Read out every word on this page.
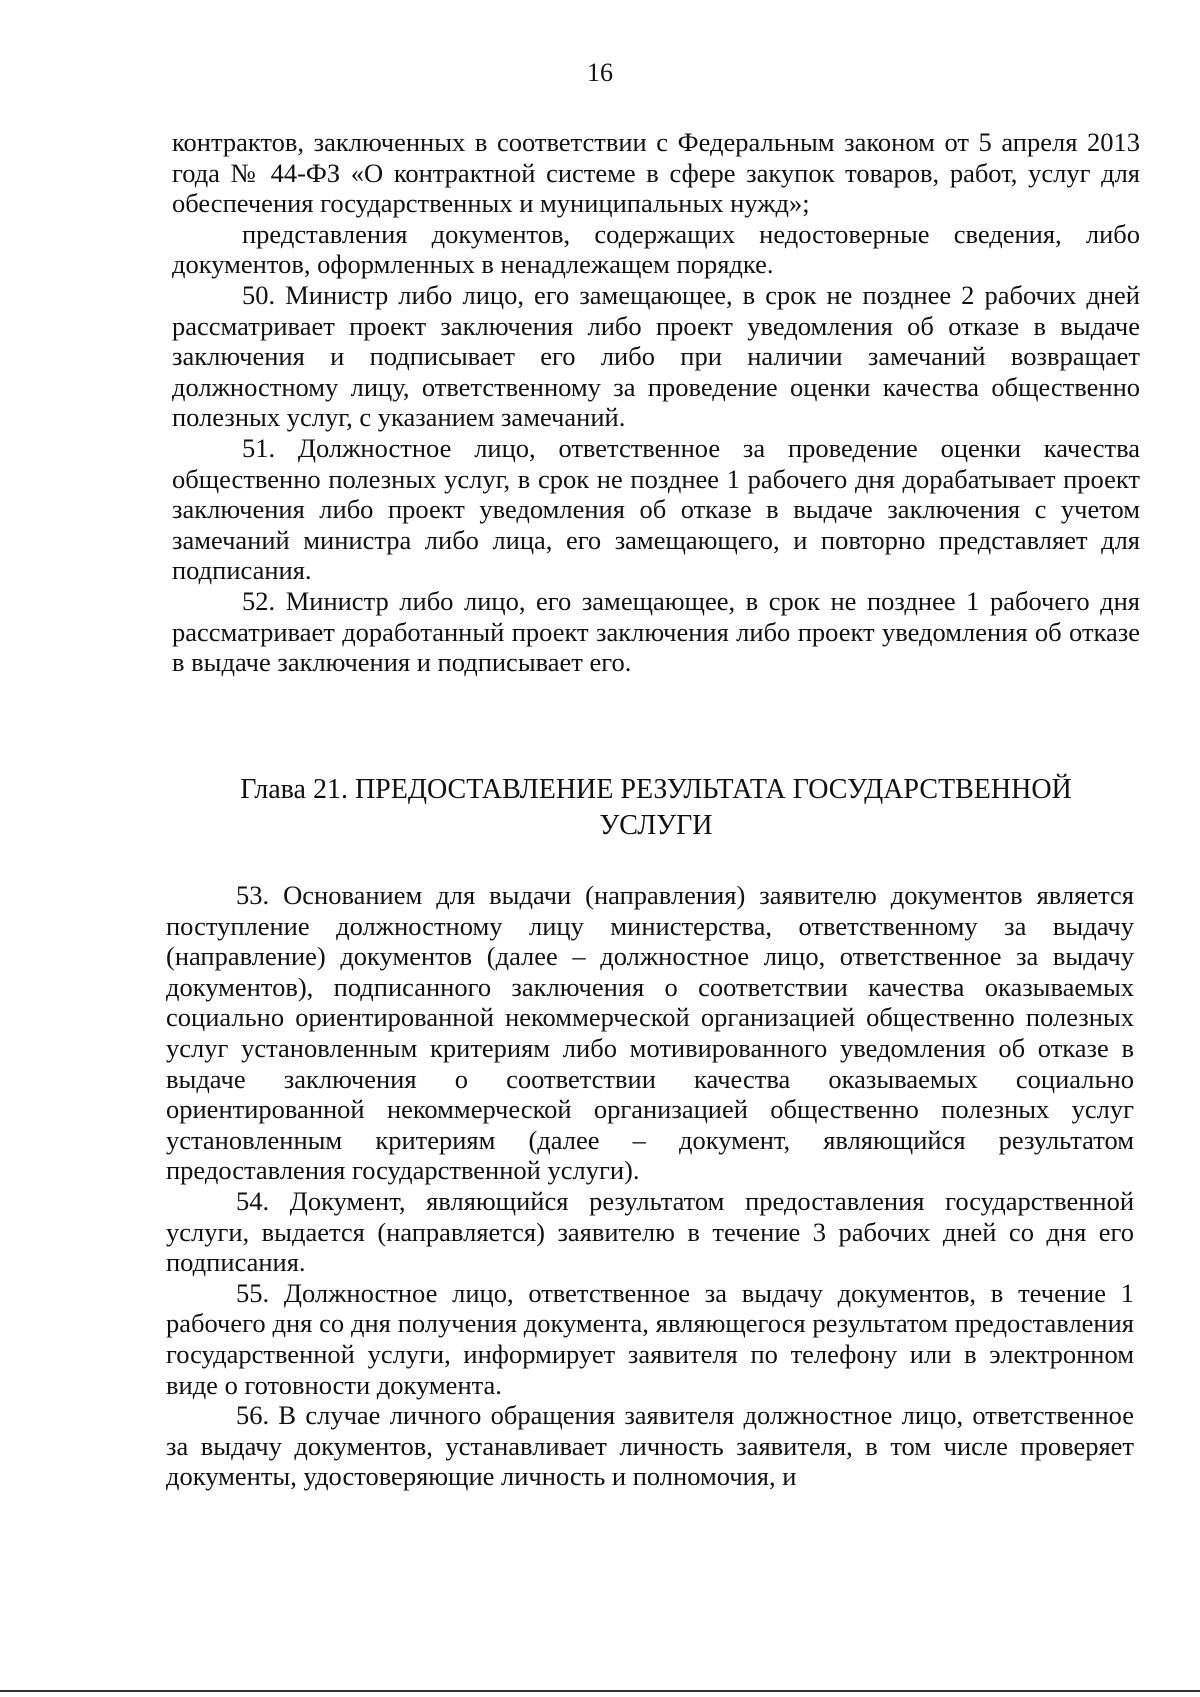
16

контрактов, заключенных в соответствии с Федеральным законом от 5 апреля 2013 года № 44-ФЗ «О контрактной системе в сфере закупок товаров, работ, услуг для обеспечения государственных и муниципальных нужд»;

представления документов, содержащих недостоверные сведения, либо документов, оформленных в ненадлежащем порядке.

50. Министр либо лицо, его замещающее, в срок не позднее 2 рабочих дней рассматривает проект заключения либо проект уведомления об отказе в выдаче заключения и подписывает его либо при наличии замечаний возвращает должностному лицу, ответственному за проведение оценки качества общественно полезных услуг, с указанием замечаний.

51. Должностное лицо, ответственное за проведение оценки качества общественно полезных услуг, в срок не позднее 1 рабочего дня дорабатывает проект заключения либо проект уведомления об отказе в выдаче заключения с учетом замечаний министра либо лица, его замещающего, и повторно представляет для подписания.

52. Министр либо лицо, его замещающее, в срок не позднее 1 рабочего дня рассматривает доработанный проект заключения либо проект уведомления об отказе в выдаче заключения и подписывает его.

Глава 21. ПРЕДОСТАВЛЕНИЕ РЕЗУЛЬТАТА ГОСУДАРСТВЕННОЙ
УСЛУГИ

53. Основанием для выдачи (направления) заявителю документов является поступление должностному лицу министерства, ответственному за выдачу (направление) документов (далее – должностное лицо, ответственное за выдачу документов), подписанного заключения о соответствии качества оказываемых социально ориентированной некоммерческой организацией общественно полезных услуг установленным критериям либо мотивированного уведомления об отказе в выдаче заключения о соответствии качества оказываемых социально ориентированной некоммерческой организацией общественно полезных услуг установленным критериям (далее – документ, являющийся результатом предоставления государственной услуги).

54. Документ, являющийся результатом предоставления государственной услуги, выдается (направляется) заявителю в течение 3 рабочих дней со дня его подписания.

55. Должностное лицо, ответственное за выдачу документов, в течение 1 рабочего дня со дня получения документа, являющегося результатом предоставления государственной услуги, информирует заявителя по телефону или в электронном виде о готовности документа.

56. В случае личного обращения заявителя должностное лицо, ответственное за выдачу документов, устанавливает личность заявителя, в том числе проверяет документы, удостоверяющие личность и полномочия, и
